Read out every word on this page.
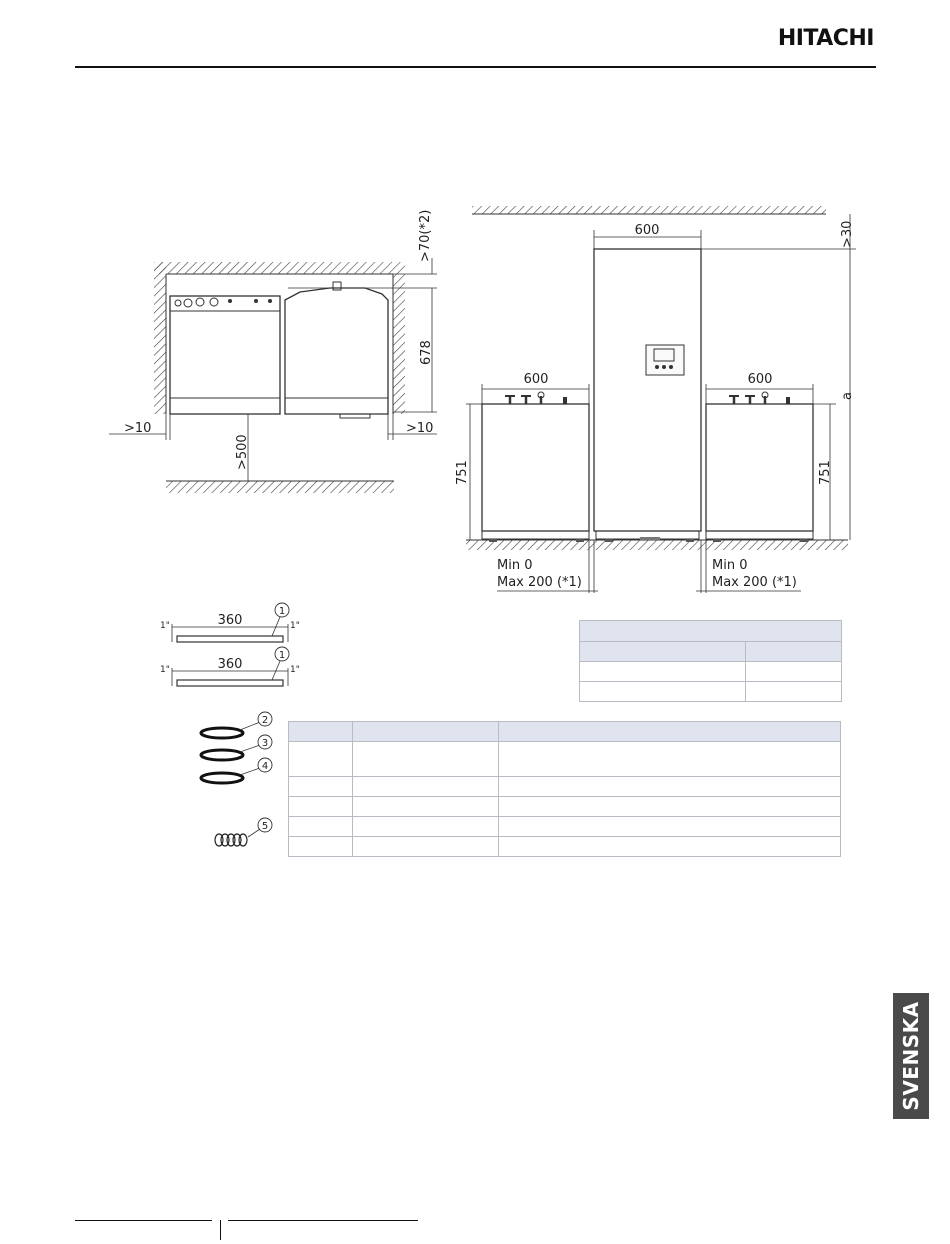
HITACHI
>70(*2)
678
>10	>10
>500
600
600	600
>30
a
751	751
Min 0
Max 200 (*1)
Min 0
Max 200 (*1)
360
1"	1"
1
360
1"	1"
1
2
3
4
5

SVENSKA
